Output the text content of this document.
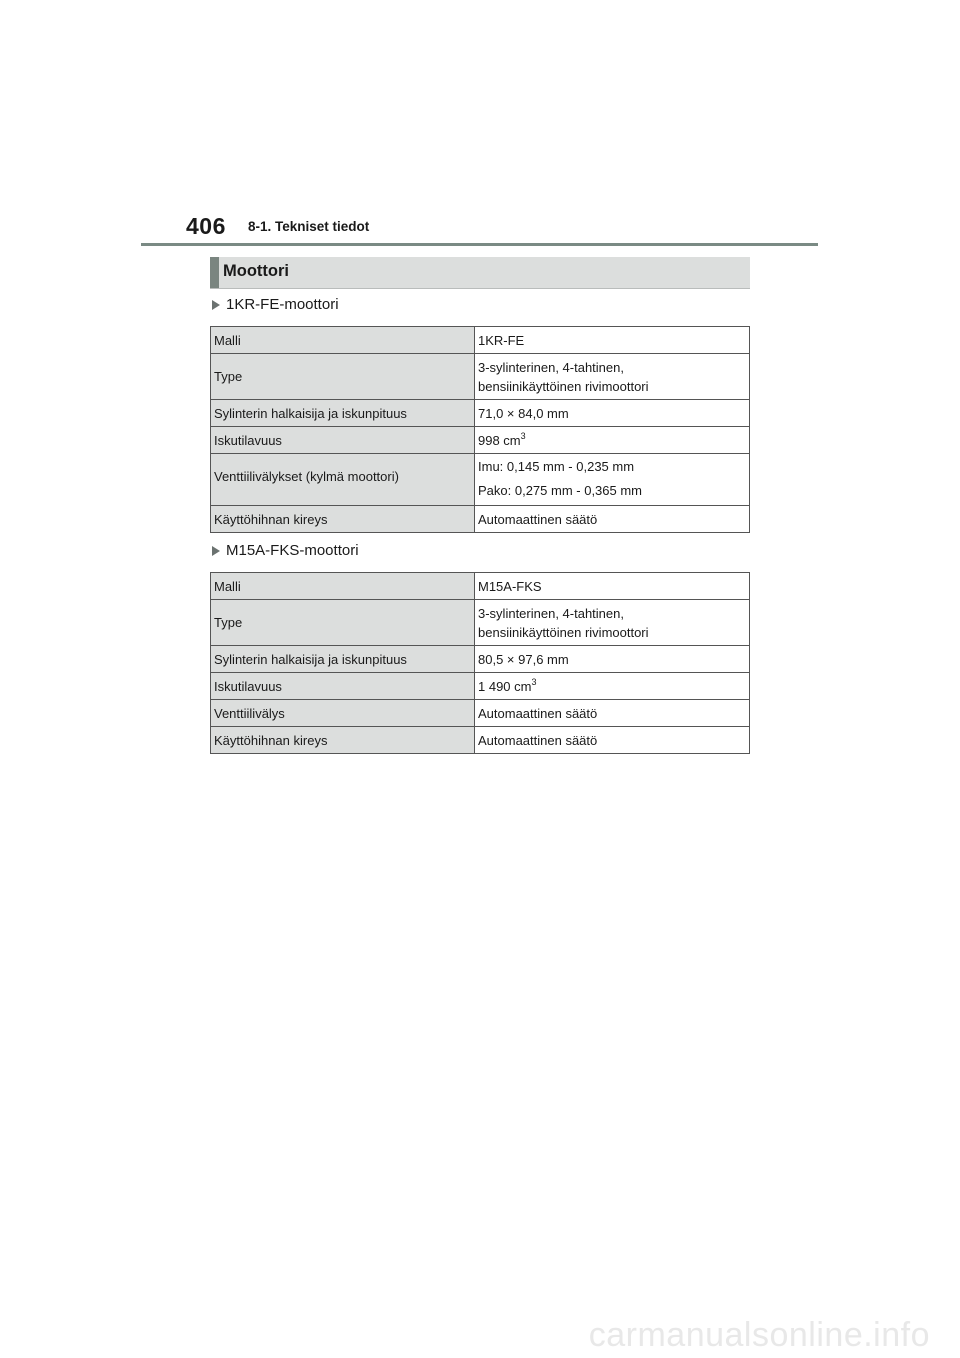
406 8-1. Tekniset tiedot
Moottori
1KR-FE-moottori
Malli	1KR-FE
Type	3-sylinterinen, 4-tahtinen,
bensiinikäyttöinen rivimoottori
Sylinterin halkaisija ja iskunpituus	71,0 × 84,0 mm
Iskutilavuus	998 $cm^3$
Venttiilivälykset (kylmä moottori)	Imu: 0,145 mm - 0,235 mm
Pako: 0,275 mm - 0,365 mm

Käyttöhihnan kireys	Automaattinen säätö
M15A-FKS-moottori
Malli	M15A-FKS
Type	3-sylinterinen, 4-tahtinen,
bensiinikäyttöinen rivimoottori
Sylinterin halkaisija ja iskunpituus	80,5 × 97,6 mm
Iskutilavuus	1 490 $cm^3$
Venttiilivälys	Automaattinen säätö
Käyttöhihnan kireys	Automaattinen säätö
carmanualsonline.info
